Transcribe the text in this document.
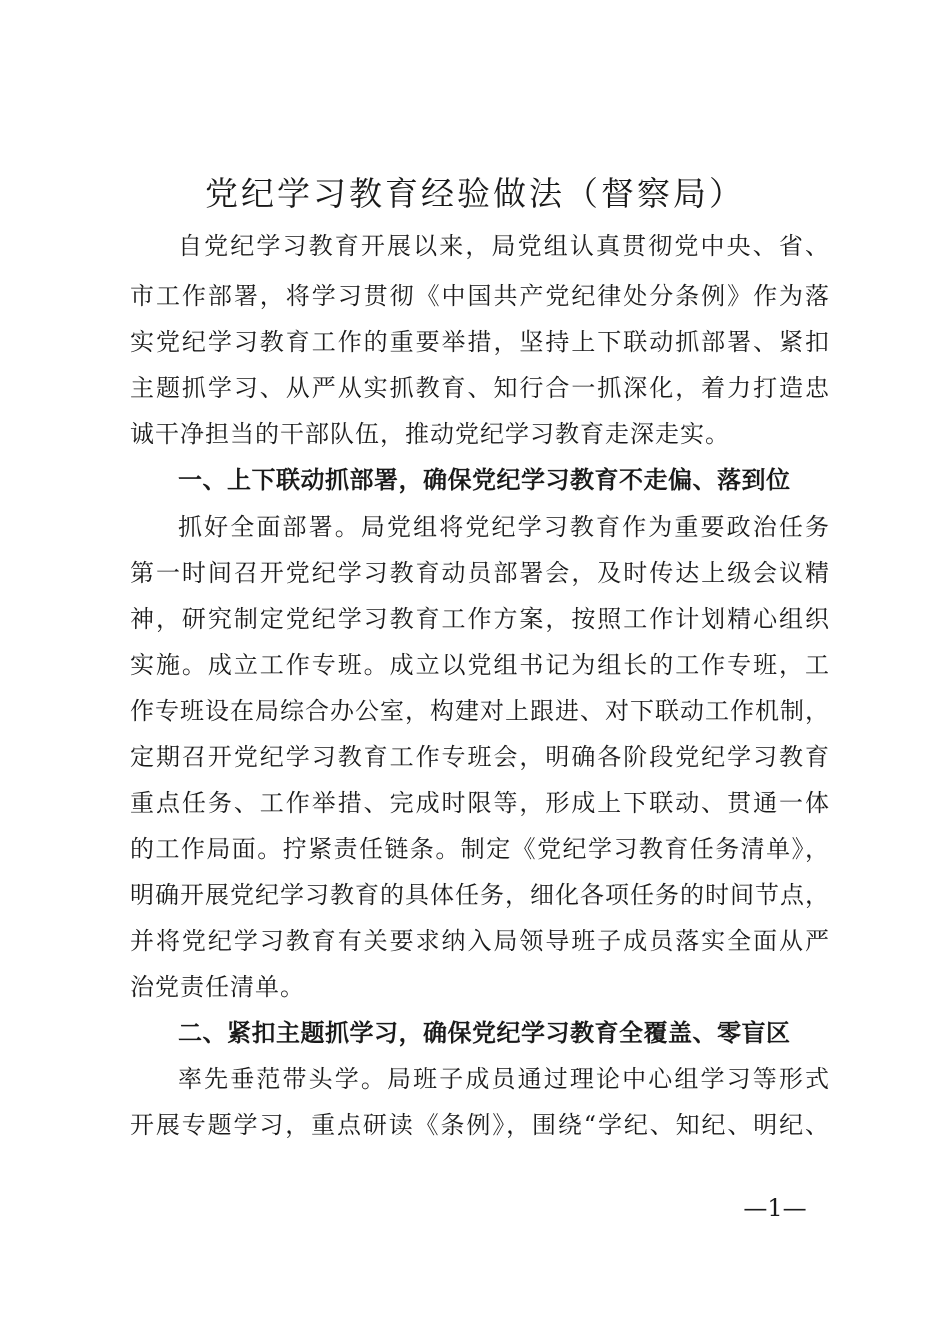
党纪学习教育经验做法（督察局）
自党纪学习教育开展以来，局党组认真贯彻党中央、省、
市工作部署，将学习贯彻《中国共产党纪律处分条例》作为落
实党纪学习教育工作的重要举措，坚持上下联动抓部署、紧扣
主题抓学习、从严从实抓教育、知行合一抓深化，着力打造忠
诚干净担当的干部队伍，推动党纪学习教育走深走实。
一、上下联动抓部署，确保党纪学习教育不走偏、落到位
抓好全面部署。局党组将党纪学习教育作为重要政治任务
第一时间召开党纪学习教育动员部署会，及时传达上级会议精
神，研究制定党纪学习教育工作方案，按照工作计划精心组织
实施。成立工作专班。成立以党组书记为组长的工作专班，工
作专班设在局综合办公室，构建对上跟进、对下联动工作机制，
定期召开党纪学习教育工作专班会，明确各阶段党纪学习教育
重点任务、工作举措、完成时限等，形成上下联动、贯通一体
的工作局面。拧紧责任链条。制定《党纪学习教育任务清单》，
明确开展党纪学习教育的具体任务，细化各项任务的时间节点，
并将党纪学习教育有关要求纳入局领导班子成员落实全面从严
治党责任清单。
二、紧扣主题抓学习，确保党纪学习教育全覆盖、零盲区
率先垂范带头学。局班子成员通过理论中心组学习等形式
开展专题学习，重点研读《条例》，围绕“学纪、知纪、明纪、
—1—
